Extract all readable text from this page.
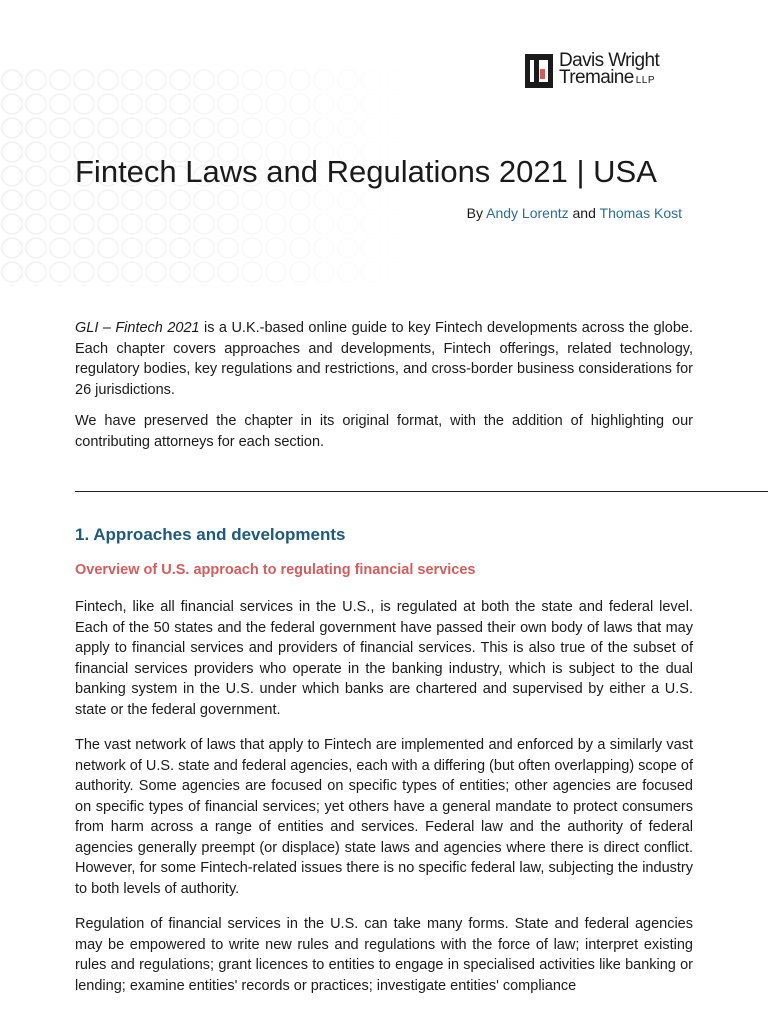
Davis Wright
Tremaine LLP
Fintech Laws and Regulations 2021 | USA
By Andy Lorentz and Thomas Kost

GLI – Fintech 2021 is a U.K.-based online guide to key Fintech developments across the globe. Each chapter covers approaches and developments, Fintech offerings, related technology, regulatory bodies, key regulations and restrictions, and cross-border business considerations for 26 jurisdictions.

We have preserved the chapter in its original format, with the addition of highlighting our contributing attorneys for each section.

1. Approaches and developments
Overview of U.S. approach to regulating financial services

Fintech, like all financial services in the U.S., is regulated at both the state and federal level. Each of the 50 states and the federal government have passed their own body of laws that may apply to financial services and providers of financial services. This is also true of the subset of financial services providers who operate in the banking industry, which is subject to the dual banking system in the U.S. under which banks are chartered and supervised by either a U.S. state or the federal government.

The vast network of laws that apply to Fintech are implemented and enforced by a similarly vast network of U.S. state and federal agencies, each with a differing (but often overlapping) scope of authority. Some agencies are focused on specific types of entities; other agencies are focused on specific types of financial services; yet others have a general mandate to protect consumers from harm across a range of entities and services. Federal law and the authority of federal agencies generally preempt (or displace) state laws and agencies where there is direct conflict. However, for some Fintech-related issues there is no specific federal law, subjecting the industry to both levels of authority.

Regulation of financial services in the U.S. can take many forms. State and federal agencies may be empowered to write new rules and regulations with the force of law; interpret existing rules and regulations; grant licences to entities to engage in specialised activities like banking or lending; examine entities' records or practices; investigate entities' compliance
